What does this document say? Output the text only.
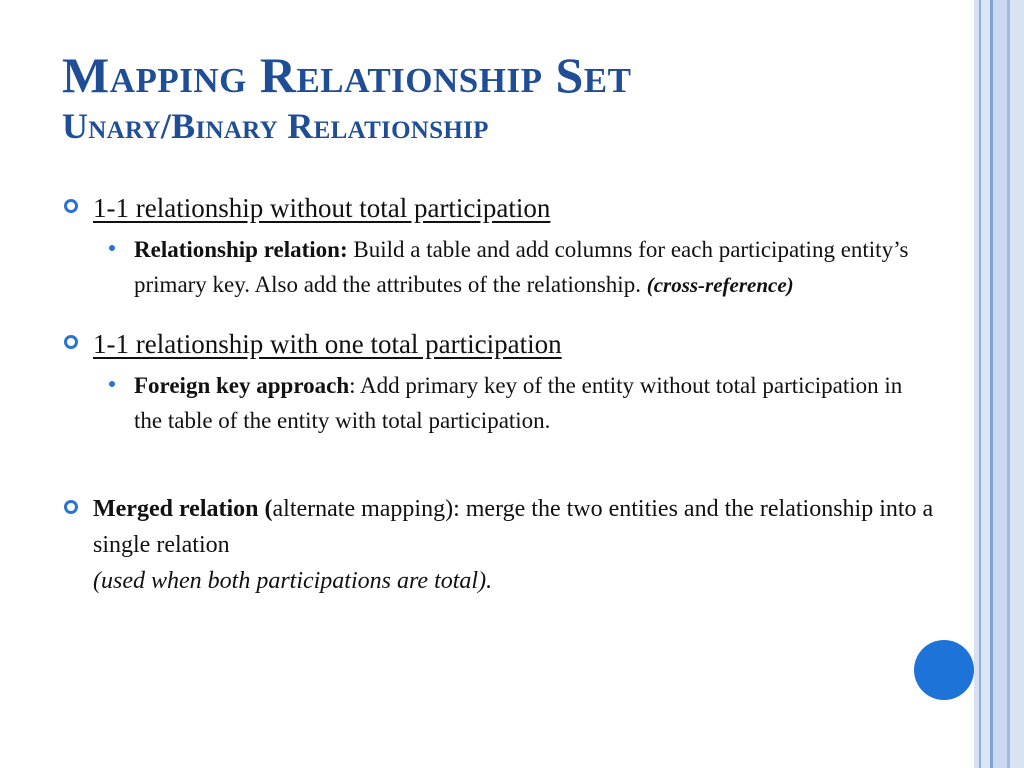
Mapping Relationship Set
Unary/Binary Relationship
1-1 relationship without total participation
Relationship relation: Build a table and add columns for each participating entity’s primary key. Also add the attributes of the relationship. (cross-reference)
1-1 relationship with one total participation
Foreign key approach: Add primary key of the entity without total participation in the table of the entity with total participation.
Merged relation (alternate mapping): merge the two entities and the relationship into a single relation
(used when both participations are total).
